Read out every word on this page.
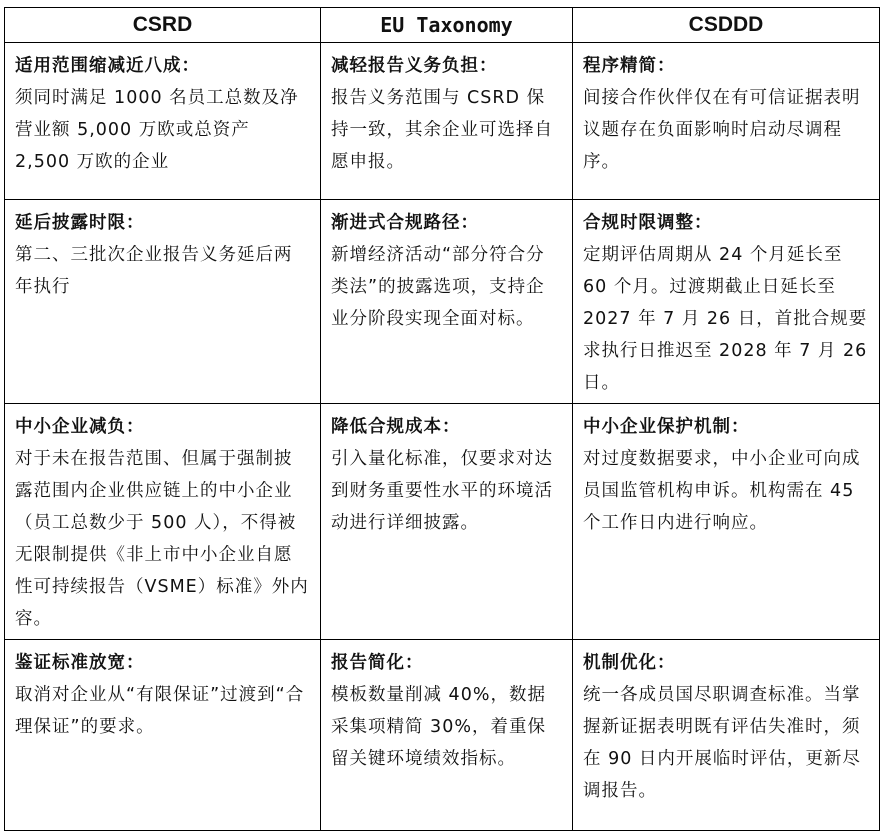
CSRD	EU Taxonomy	CSDDD

适用范围缩减近八成：
须同时满足 1000 名员工总数及净营业额 5,000 万欧或总资产 2,500 万欧的企业	减轻报告义务负担：
报告义务范围与 CSRD 保持一致，其余企业可选择自愿申报。	程序精简：
间接合作伙伴仅在有可信证据表明议题存在负面影响时启动尽调程序。

延后披露时限：
第二、三批次企业报告义务延后两年执行	渐进式合规路径：
新增经济活动“部分符合分类法”的披露选项，支持企业分阶段实现全面对标。	合规时限调整：
定期评估周期从 24 个月延长至 60 个月。过渡期截止日延长至 2027 年 7 月 26 日，首批合规要求执行日推迟至 2028 年 7 月 26 日。

中小企业减负：
对于未在报告范围、但属于强制披露范围内企业供应链上的中小企业（员工总数少于 500 人），不得被无限制提供《非上市中小企业自愿性可持续报告（VSME）标准》外内容。	降低合规成本：
引入量化标准，仅要求对达到财务重要性水平的环境活动进行详细披露。	中小企业保护机制：
对过度数据要求，中小企业可向成员国监管机构申诉。机构需在 45 个工作日内进行响应。

鉴证标准放宽：
取消对企业从“有限保证”过渡到“合理保证”的要求。	报告简化：
模板数量削减 40%，数据采集项精简 30%，着重保留关键环境绩效指标。	机制优化：
统一各成员国尽职调查标准。当掌握新证据表明既有评估失准时，须在 90 日内开展临时评估，更新尽调报告。
